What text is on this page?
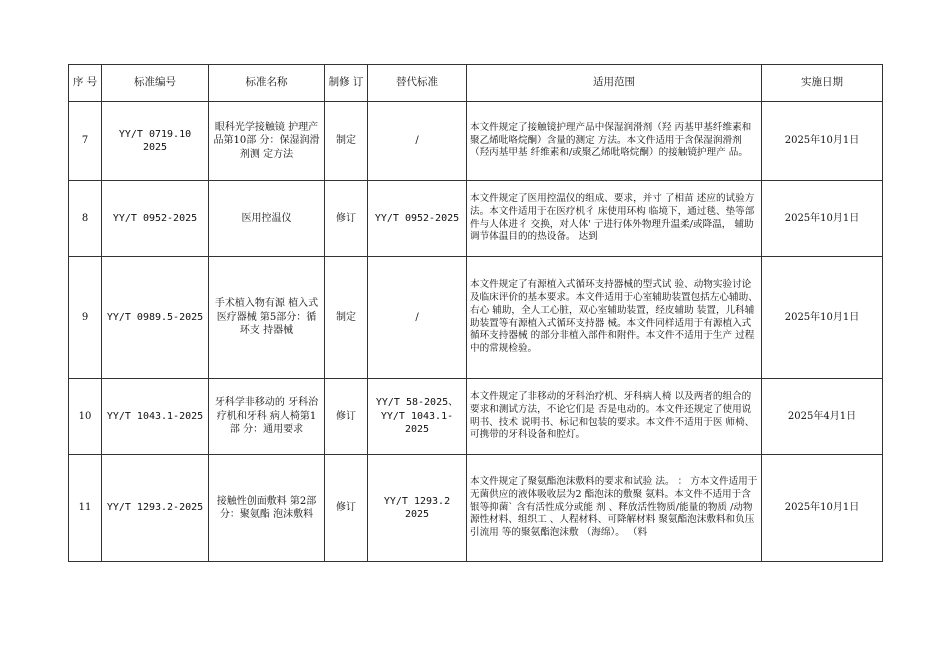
序 号	标准编号	标准名称	制修 订	替代标准	适用范围	实施日期
7	YY/T 0719.10 2025	眼科光学接触镜 护理产品第10部 分：保湿润滑剂测 定方法	制定	/	本文件规定了接触镜护理产品中保湿润滑剂（羟 丙基甲基纤维素和聚乙烯吡咯烷酮）含量的测定 方法。本文件适用于含保湿润滑剂（羟丙基甲基 纤维素和/或聚乙烯吡咯烷酮）的接触镜护理产 品。	2025年10月1日
8	YY/T 0952-2025	医用控温仪	修订	YY/T 0952-2025	本文件规定了医用控温仪的组成、要求，并寸 了相苗 述应的试验方法。本文件适用于在医疗机彳 床使用环构 临境下，通过毯、垫等部件与人体进彳 交换，对人体' 亍进行体外物理升温柔/或降温， 辅助调节体温目的的热设备。 达到	2025年10月1日
9	YY/T 0989.5-2025	手术植入物有源 植入式医疗器械 第5部分：循环支 持器械	制定	/	本文件规定了有源植入式循环支持器械的型式试 验、动物实验讨论及临床评价的基本要求。本文件适用于心室辅助装置包括左心辅助、右心 辅助，全人工心脏，双心室辅助装置，经皮辅助 装置，儿科辅助装置等有源植入式循环支持器 械。本文件同样适用于有源植入式循环支持器械 的部分非植入部件和附件。本文件不适用于生产 过程中的常规检验。	2025年10月1日
10	YY/T 1043.1-2025	牙科学非移动的 牙科治疗机和牙科 病人椅第1部 分：通用要求	修订	YY/T 58-2025、 YY/T 1043.1-2025	本文件规定了非移动的牙科治疗机、牙科病人椅 以及两者的组合的要求和测试方法，不论它们是 否是电动的。本文件还规定了使用说明书、技术 说明书、标记和包装的要求。本文件不适用于医 师椅、可携带的牙科设备和腔灯。	2025年4月1日
11	YY/T 1293.2-2025	接触性创面敷料 第2部分：聚氨酯 泡沫敷料	修订	YY/T 1293.2 2025	本文件规定了聚氨酯泡沫敷料的要求和试验 法。 ： 方本文件适用于无菌供应的液体吸收层为2 酯泡沫的敷聚 氨料。本文件不适用于含银等抑菌` 含有活性成分或能 剂 、释放活性物质/能量的物质 /动物源性材料、组织工 、人程材料、可降解材料 聚氨酯泡沫敷料和负压引流用 等的聚氨酯泡沫敷 （海绵）。 （料	2025年10月1日
